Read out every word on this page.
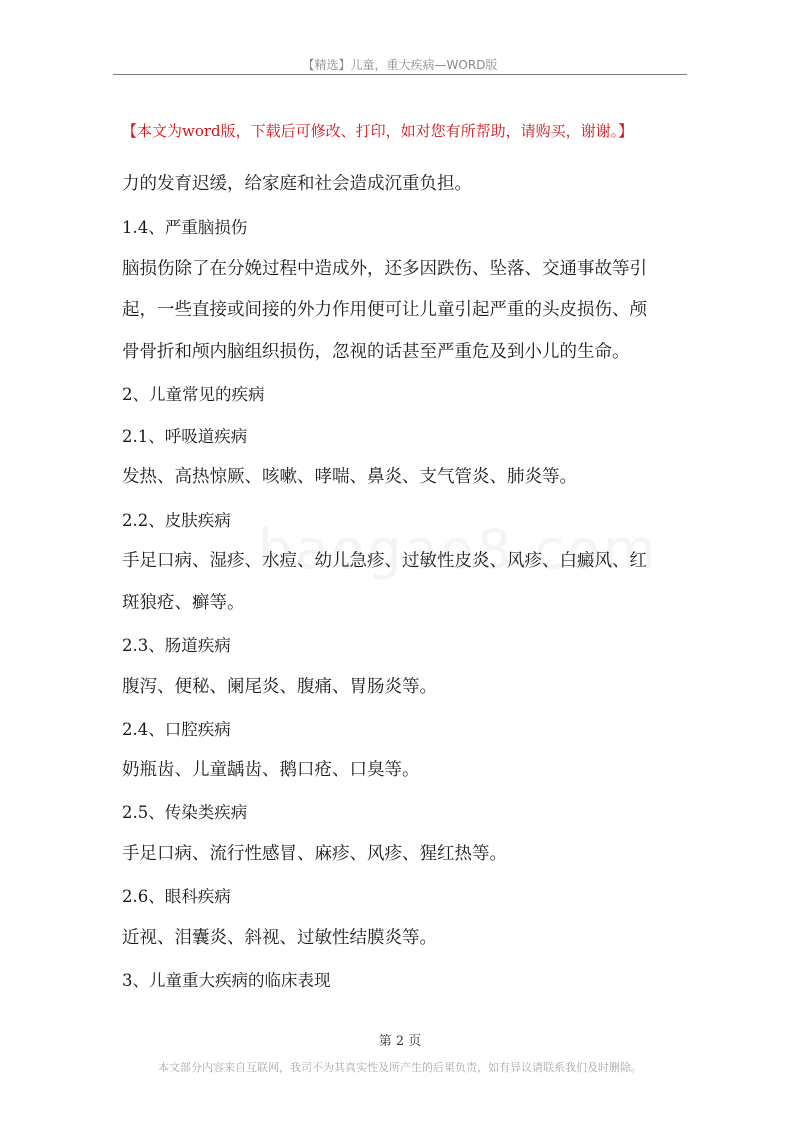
【精选】儿童，重大疾病—WORD版
【本文为word版，下载后可修改、打印，如对您有所帮助，请购买，谢谢。】
力的发育迟缓，给家庭和社会造成沉重负担。
1.4、严重脑损伤
脑损伤除了在分娩过程中造成外，还多因跌伤、坠落、交通事故等引
起，一些直接或间接的外力作用便可让儿童引起严重的头皮损伤、颅
骨骨折和颅内脑组织损伤，忽视的话甚至严重危及到小儿的生命。
2、儿童常见的疾病
2.1、呼吸道疾病
发热、高热惊厥、咳嗽、哮喘、鼻炎、支气管炎、肺炎等。
2.2、皮肤疾病
手足口病、湿疹、水痘、幼儿急疹、过敏性皮炎、风疹、白癜风、红
斑狼疮、癣等。
2.3、肠道疾病
腹泻、便秘、阑尾炎、腹痛、胃肠炎等。
2.4、口腔疾病
奶瓶齿、儿童龋齿、鹅口疮、口臭等。
2.5、传染类疾病
手足口病、流行性感冒、麻疹、风疹、猩红热等。
2.6、眼科疾病
近视、泪囊炎、斜视、过敏性结膜炎等。
3、儿童重大疾病的临床表现
第 2 页
本文部分内容来自互联网，我司不为其真实性及所产生的后果负责，如有异议请联系我们及时删除。
